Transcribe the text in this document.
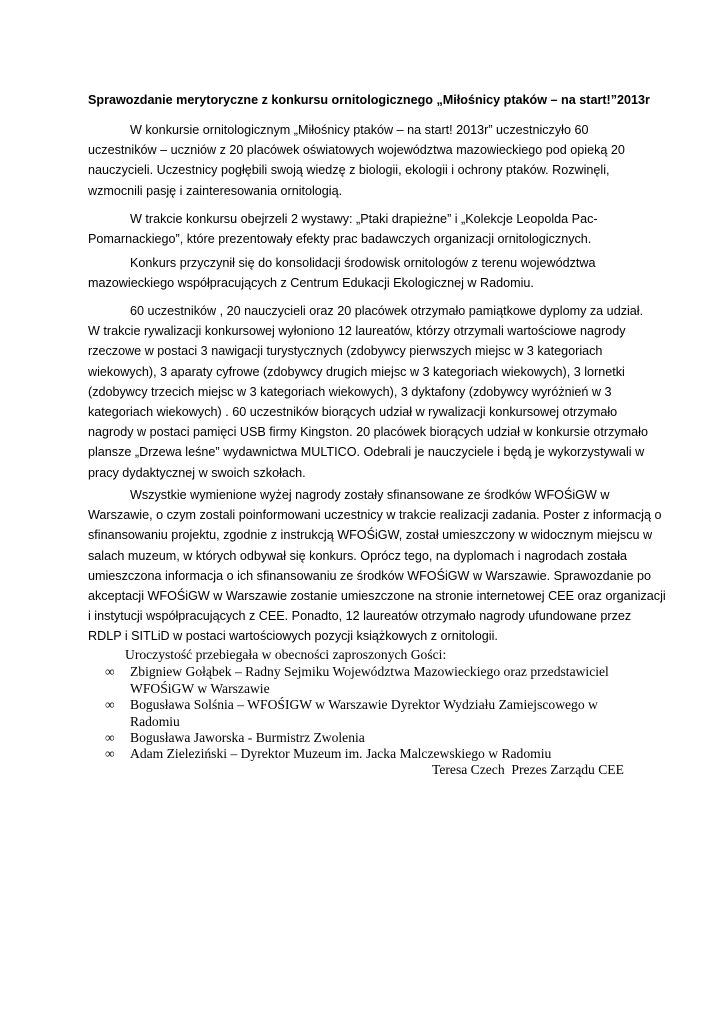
Sprawozdanie merytoryczne z konkursu ornitologicznego „Miłośnicy ptaków – na start!”2013r

W konkursie ornitologicznym „Miłośnicy ptaków – na start! 2013r” uczestniczyło 60
uczestników – uczniów z 20 placówek oświatowych województwa mazowieckiego pod opieką 20
nauczycieli. Uczestnicy pogłębili swoją wiedzę z biologii, ekologii i ochrony ptaków. Rozwinęli,
wzmocnili pasję i zainteresowania ornitologią.
W trakcie konkursu obejrzeli 2 wystawy: „Ptaki drapieżne” i „Kolekcje Leopolda Pac-
Pomarnackiego”, które prezentowały efekty prac badawczych organizacji ornitologicznych.
Konkurs przyczynił się do konsolidacji środowisk ornitologów z terenu województwa
mazowieckiego współpracujących z Centrum Edukacji Ekologicznej w Radomiu.
60 uczestników , 20 nauczycieli oraz 20 placówek otrzymało pamiątkowe dyplomy za udział.
W trakcie rywalizacji konkursowej wyłoniono 12 laureatów, którzy otrzymali wartościowe nagrody
rzeczowe w postaci 3 nawigacji turystycznych (zdobywcy pierwszych miejsc w 3 kategoriach
wiekowych), 3 aparaty cyfrowe (zdobywcy drugich miejsc w 3 kategoriach wiekowych), 3 lornetki
(zdobywcy trzecich miejsc w 3 kategoriach wiekowych), 3 dyktafony (zdobywcy wyróżnień w 3
kategoriach wiekowych) . 60 uczestników biorących udział w rywalizacji konkursowej otrzymało
nagrody w postaci pamięci USB firmy Kingston. 20 placówek biorących udział w konkursie otrzymało
plansze „Drzewa leśne” wydawnictwa MULTICO. Odebrali je nauczyciele i będą je wykorzystywali w
pracy dydaktycznej w swoich szkołach.
Wszystkie wymienione wyżej nagrody zostały sfinansowane ze środków WFOŚiGW w
Warszawie, o czym zostali poinformowani uczestnicy w trakcie realizacji zadania. Poster z informacją o
sfinansowaniu projektu, zgodnie z instrukcją WFOŚiGW, został umieszczony w widocznym miejscu w
salach muzeum, w których odbywał się konkurs. Oprócz tego, na dyplomach i nagrodach została
umieszczona informacja o ich sfinansowaniu ze środków WFOŚiGW w Warszawie. Sprawozdanie po
akceptacji WFOŚiGW w Warszawie zostanie umieszczone na stronie internetowej CEE oraz organizacji
i instytucji współpracujących z CEE. Ponadto, 12 laureatów otrzymało nagrody ufundowane przez
RDLP i SITLiD w postaci wartościowych pozycji książkowych z ornitologii.

Uroczystość przebiegała w obecności zaproszonych Gości:

∞	Zbigniew Gołąbek – Radny Sejmiku Województwa Mazowieckiego oraz przedstawiciel
WFOŚiGW w Warszawie
∞	Bogusława Solśnia – WFOŚIGW w Warszawie Dyrektor Wydziału Zamiejscowego w
Radomiu
∞	Bogusława Jaworska - Burmistrz Zwolenia
∞	Adam Zieleziński – Dyrektor Muzeum im. Jacka Malczewskiego w Radomiu
Teresa Czech  Prezes Zarządu CEE
